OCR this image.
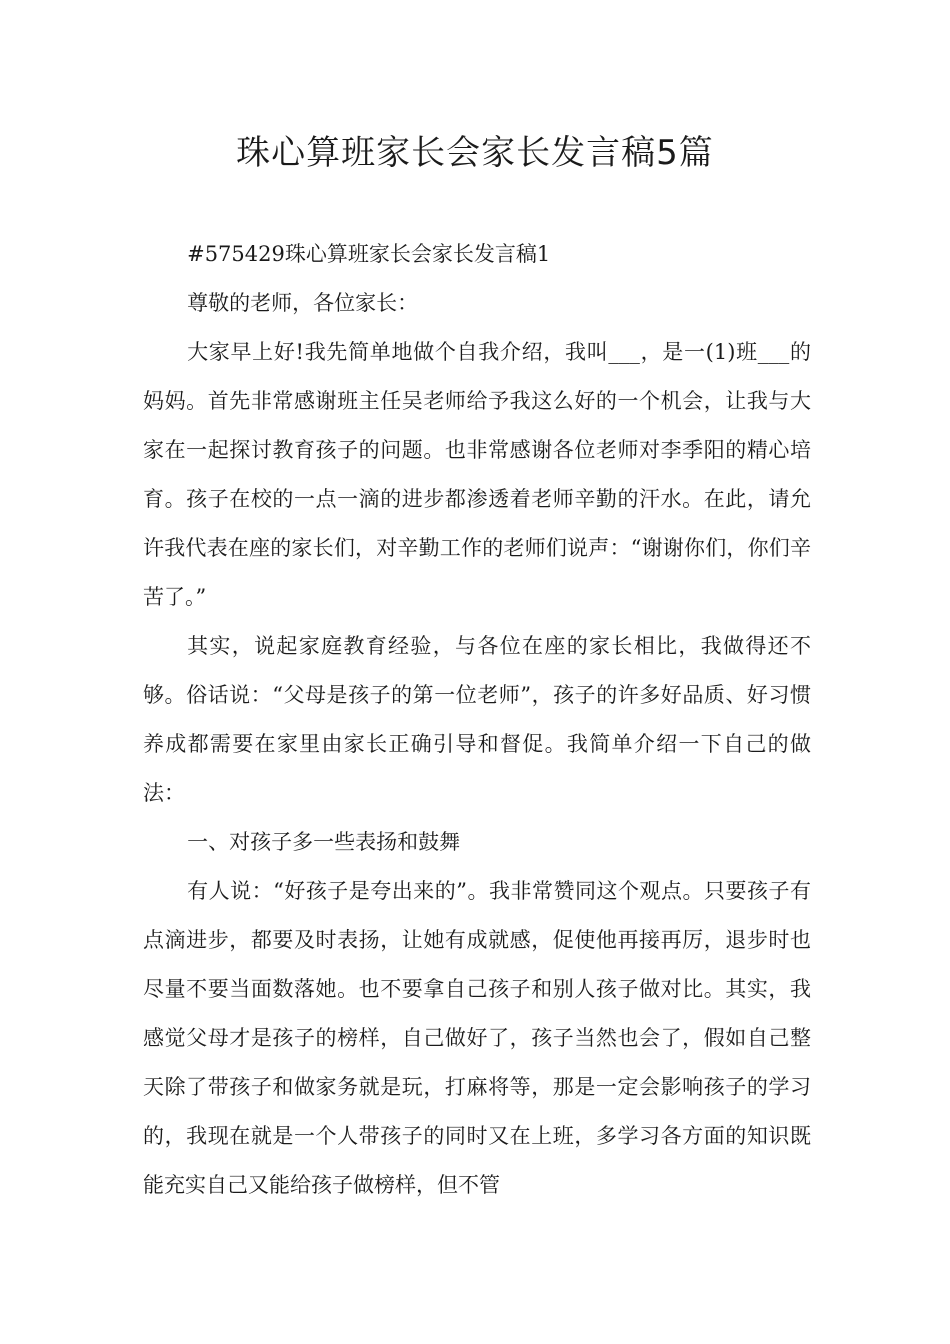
珠心算班家长会家长发言稿5篇

#575429珠心算班家长会家长发言稿1

尊敬的老师，各位家长：

大家早上好!我先简单地做个自我介绍，我叫___，是一(1)班___的妈妈。首先非常感谢班主任吴老师给予我这么好的一个机会，让我与大家在一起探讨教育孩子的问题。也非常感谢各位老师对李季阳的精心培育。孩子在校的一点一滴的进步都渗透着老师辛勤的汗水。在此，请允许我代表在座的家长们，对辛勤工作的老师们说声：“谢谢你们，你们辛苦了。”

其实，说起家庭教育经验，与各位在座的家长相比，我做得还不够。俗话说：“父母是孩子的第一位老师”，孩子的许多好品质、好习惯养成都需要在家里由家长正确引导和督促。我简单介绍一下自己的做法：

一、对孩子多一些表扬和鼓舞

有人说：“好孩子是夸出来的”。我非常赞同这个观点。只要孩子有点滴进步，都要及时表扬，让她有成就感，促使他再接再厉，退步时也尽量不要当面数落她。也不要拿自己孩子和别人孩子做对比。其实，我感觉父母才是孩子的榜样，自己做好了，孩子当然也会了，假如自己整天除了带孩子和做家务就是玩，打麻将等，那是一定会影响孩子的学习的，我现在就是一个人带孩子的同时又在上班，多学习各方面的知识既能充实自己又能给孩子做榜样，但不管
